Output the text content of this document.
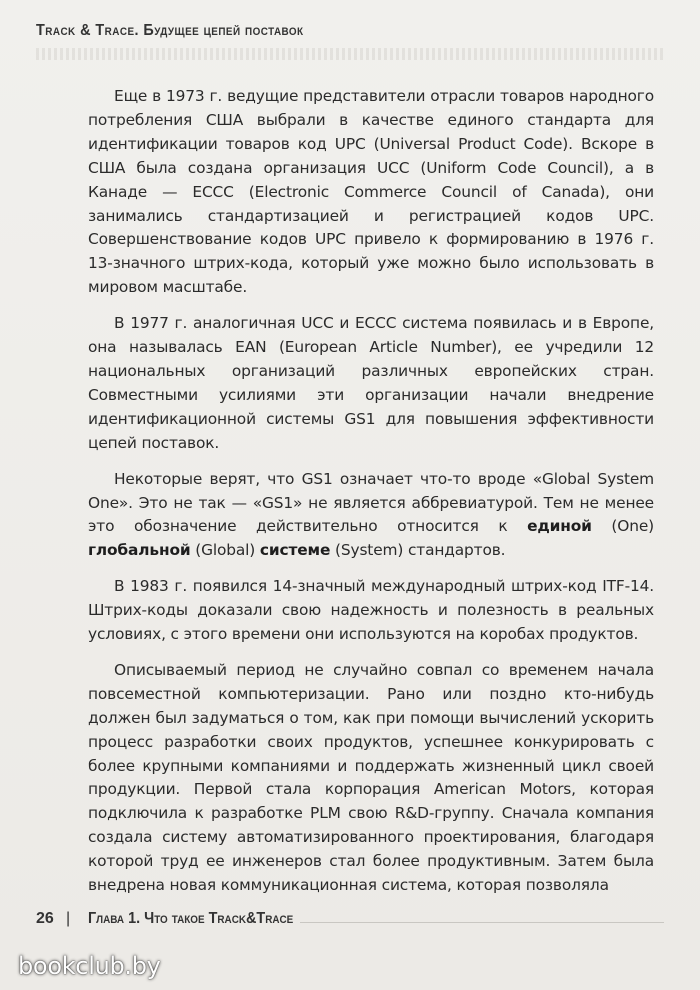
Track & Trace. Будущее цепей поставок

Еще в 1973 г. ведущие представители отрасли товаров народного потребления США выбрали в качестве единого стандарта для идентификации товаров код UPC (Universal Product Code). Вскоре в США была создана организация UCC (Uniform Code Council), а в Канаде — ECCC (Electronic Commerce Council of Canada), они занимались стандартизацией и регистрацией кодов UPC. Совершенствование кодов UPC привело к формированию в 1976 г. 13-значного штрих-кода, который уже можно было использовать в мировом масштабе.

В 1977 г. аналогичная UCC и ECCC система появилась и в Европе, она называлась EAN (European Article Number), ее учредили 12 национальных организаций различных европейских стран. Совместными усилиями эти организации начали внедрение идентификационной системы GS1 для повышения эффективности цепей поставок.

Некоторые верят, что GS1 означает что-то вроде «Global System One». Это не так — «GS1» не является аббревиатурой. Тем не менее это обозначение действительно относится к единой (One) глобальной (Global) системе (System) стандартов.

В 1983 г. появился 14-значный международный штрих-код ITF-14. Штрих-коды доказали свою надежность и полезность в реальных условиях, с этого времени они используются на коробах продуктов.

Описываемый период не случайно совпал со временем начала повсеместной компьютеризации. Рано или поздно кто-нибудь должен был задуматься о том, как при помощи вычислений ускорить процесс разработки своих продуктов, успешнее конкурировать с более крупными компаниями и поддержать жизненный цикл своей продукции. Первой стала корпорация American Motors, которая подключила к разработке PLM свою R&D-группу. Сначала компания создала систему автоматизированного проектирования, благодаря которой труд ее инженеров стал более продуктивным. Затем была внедрена новая коммуникационная система, которая позволяла

26 | Глава 1. Что такое Track&Trace
bookclub.by
